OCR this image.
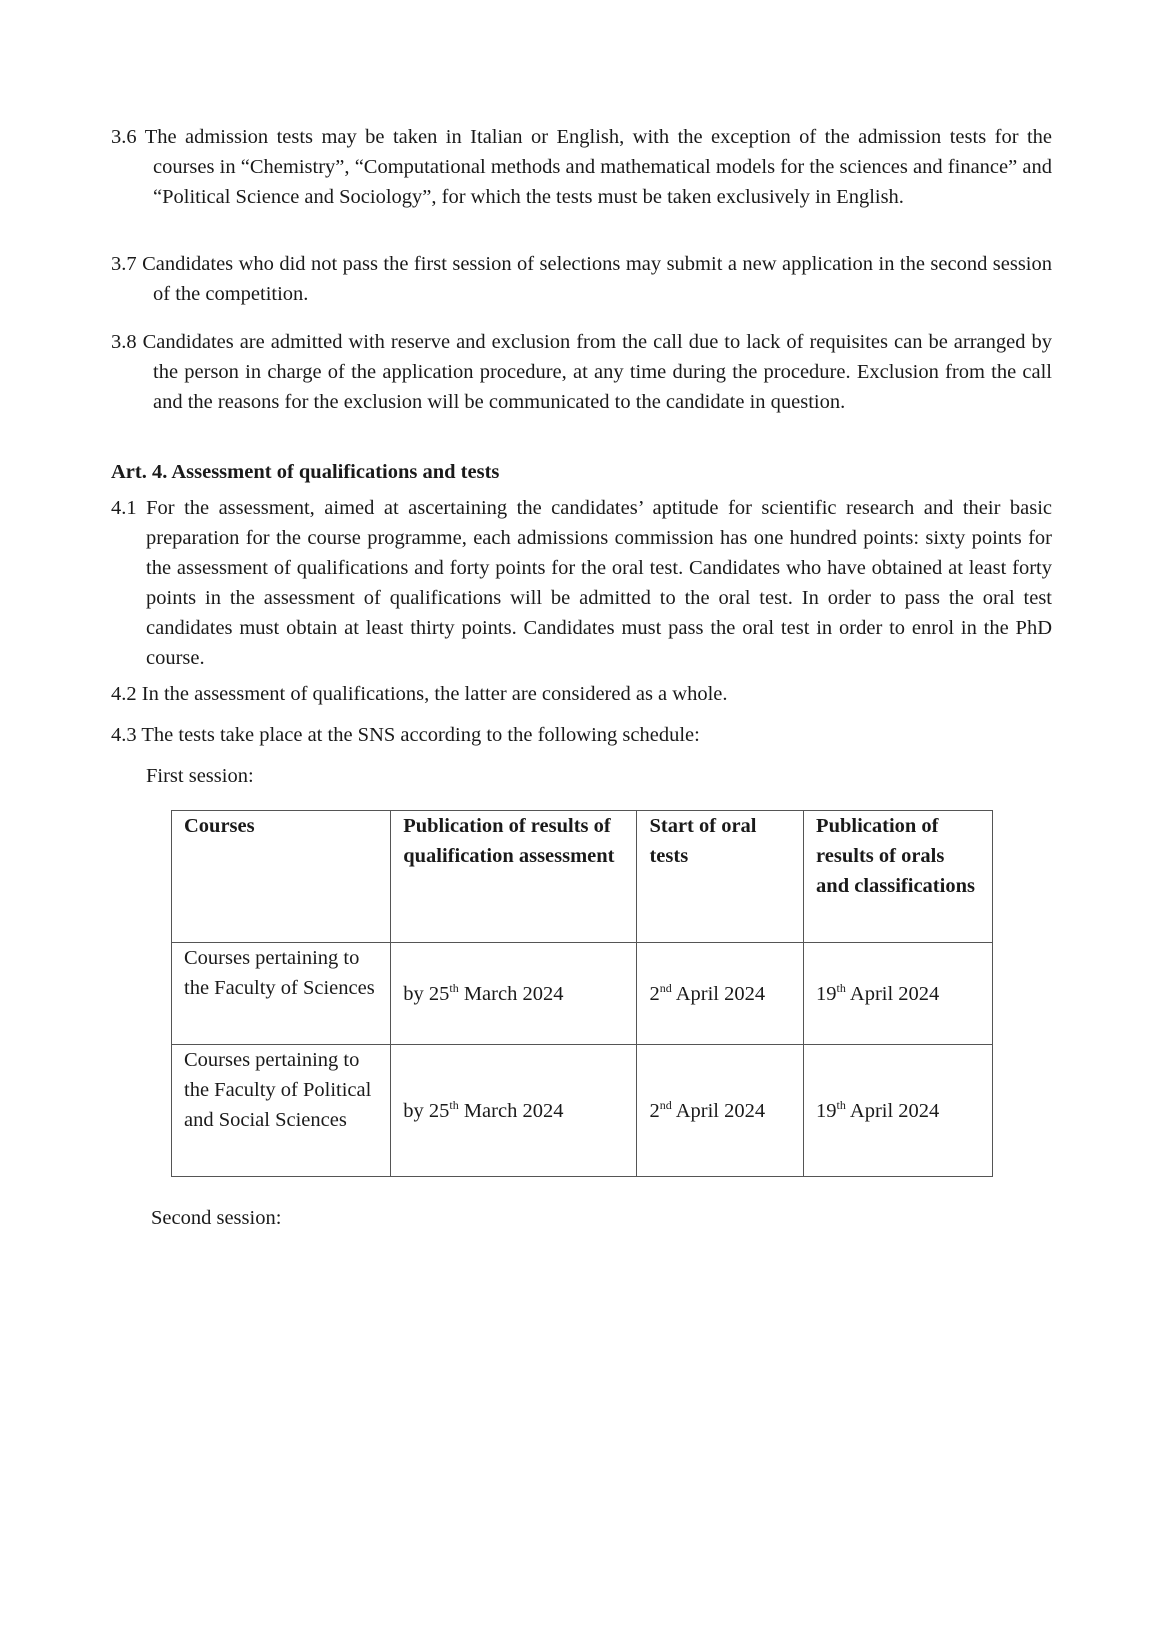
3.6 The admission tests may be taken in Italian or English, with the exception of the admission tests for the courses in “Chemistry”, “Computational methods and mathematical models for the sciences and finance” and “Political Science and Sociology”, for which the tests must be taken exclusively in English.

3.7 Candidates who did not pass the first session of selections may submit a new application in the second session of the competition.

3.8 Candidates are admitted with reserve and exclusion from the call due to lack of requisites can be arranged by the person in charge of the application procedure, at any time during the procedure. Exclusion from the call and the reasons for the exclusion will be communicated to the candidate in question.

Art. 4. Assessment of qualifications and tests

4.1 For the assessment, aimed at ascertaining the candidates’ aptitude for scientific research and their basic preparation for the course programme, each admissions commission has one hundred points: sixty points for the assessment of qualifications and forty points for the oral test. Candidates who have obtained at least forty points in the assessment of qualifications will be admitted to the oral test. In order to pass the oral test candidates must obtain at least thirty points. Candidates must pass the oral test in order to enrol in the PhD course.

4.2 In the assessment of qualifications, the latter are considered as a whole.

4.3 The tests take place at the SNS according to the following schedule:

First session:

Courses	Publication of results of qualification assessment	Start of oral tests	Publication of results of orals and classifications
Courses pertaining to the Faculty of Sciences	by 25th March 2024	2nd April 2024	19th April 2024
Courses pertaining to the Faculty of Political and Social Sciences	by 25th March 2024	2nd April 2024	19th April 2024

Second session:
